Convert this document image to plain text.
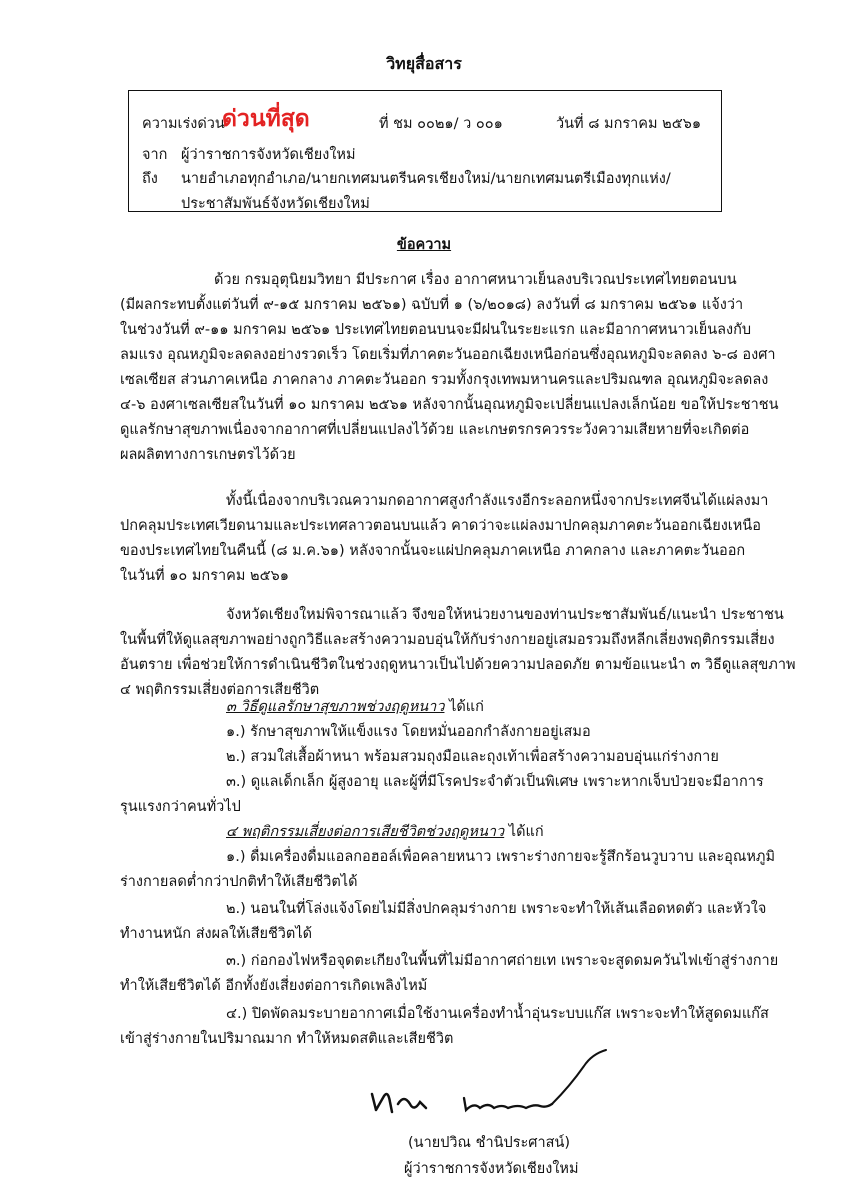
วิทยุสื่อสาร
ความเร่งด่วน
ด่วนที่สุด	ที่ ชม ๐๐๒๑/ ว ๐๐๑	วันที่ ๘ มกราคม ๒๕๖๑
จาก ผู้ว่าราชการจังหวัดเชียงใหม่
ถึง นายอำเภอทุกอำเภอ/นายกเทศมนตรีนครเชียงใหม่/นายกเทศมนตรีเมืองทุกแห่ง/
ประชาสัมพันธ์จังหวัดเชียงใหม่
ข้อความ
ด้วย กรมอุตุนิยมวิทยา มีประกาศ เรื่อง อากาศหนาวเย็นลงบริเวณประเทศไทยตอนบน
(มีผลกระทบตั้งแต่วันที่ ๙-๑๕ มกราคม ๒๕๖๑) ฉบับที่ ๑ (๖/๒๐๑๘) ลงวันที่ ๘ มกราคม ๒๕๖๑ แจ้งว่า
ในช่วงวันที่ ๙-๑๑ มกราคม ๒๕๖๑ ประเทศไทยตอนบนจะมีฝนในระยะแรก และมีอากาศหนาวเย็นลงกับ
ลมแรง อุณหภูมิจะลดลงอย่างรวดเร็ว โดยเริ่มที่ภาคตะวันออกเฉียงเหนือก่อนซึ่งอุณหภูมิจะลดลง ๖-๘ องศา
เซลเซียส ส่วนภาคเหนือ ภาคกลาง ภาคตะวันออก รวมทั้งกรุงเทพมหานครและปริมณฑล อุณหภูมิจะลดลง
๔-๖ องศาเซลเซียสในวันที่ ๑๐ มกราคม ๒๕๖๑ หลังจากนั้นอุณหภูมิจะเปลี่ยนแปลงเล็กน้อย ขอให้ประชาชน
ดูแลรักษาสุขภาพเนื่องจากอากาศที่เปลี่ยนแปลงไว้ด้วย และเกษตรกรควรระวังความเสียหายที่จะเกิดต่อ
ผลผลิตทางการเกษตรไว้ด้วย
ทั้งนี้เนื่องจากบริเวณความกดอากาศสูงกำลังแรงอีกระลอกหนึ่งจากประเทศจีนได้แผ่ลงมา
ปกคลุมประเทศเวียดนามและประเทศลาวตอนบนแล้ว คาดว่าจะแผ่ลงมาปกคลุมภาคตะวันออกเฉียงเหนือ
ของประเทศไทยในคืนนี้ (๘ ม.ค.๖๑) หลังจากนั้นจะแผ่ปกคลุมภาคเหนือ ภาคกลาง และภาคตะวันออก
ในวันที่ ๑๐ มกราคม ๒๕๖๑
จังหวัดเชียงใหม่พิจารณาแล้ว จึงขอให้หน่วยงานของท่านประชาสัมพันธ์/แนะนำ ประชาชน
ในพื้นที่ให้ดูแลสุขภาพอย่างถูกวิธีและสร้างความอบอุ่นให้กับร่างกายอยู่เสมอรวมถึงหลีกเลี่ยงพฤติกรรมเสี่ยง
อันตราย เพื่อช่วยให้การดำเนินชีวิตในช่วงฤดูหนาวเป็นไปด้วยความปลอดภัย ตามข้อแนะนำ ๓ วิธีดูแลสุขภาพ
๔ พฤติกรรมเสี่ยงต่อการเสียชีวิต
๓ วิธีดูแลรักษาสุขภาพช่วงฤดูหนาว ได้แก่
๑.) รักษาสุขภาพให้แข็งแรง โดยหมั่นออกกำลังกายอยู่เสมอ
๒.) สวมใส่เสื้อผ้าหนา พร้อมสวมถุงมือและถุงเท้าเพื่อสร้างความอบอุ่นแก่ร่างกาย
๓.) ดูแลเด็กเล็ก ผู้สูงอายุ และผู้ที่มีโรคประจำตัวเป็นพิเศษ เพราะหากเจ็บป่วยจะมีอาการ
รุนแรงกว่าคนทั่วไป
๔ พฤติกรรมเสี่ยงต่อการเสียชีวิตช่วงฤดูหนาว ได้แก่
๑.) ดื่มเครื่องดื่มแอลกอฮอล์เพื่อคลายหนาว เพราะร่างกายจะรู้สึกร้อนวูบวาบ และอุณหภูมิ
ร่างกายลดต่ำกว่าปกติทำให้เสียชีวิตได้
๒.) นอนในที่โล่งแจ้งโดยไม่มีสิ่งปกคลุมร่างกาย เพราะจะทำให้เส้นเลือดหดตัว และหัวใจ
ทำงานหนัก ส่งผลให้เสียชีวิตได้
๓.) ก่อกองไฟหรือจุดตะเกียงในพื้นที่ไม่มีอากาศถ่ายเท เพราะจะสูดดมควันไฟเข้าสู่ร่างกาย
ทำให้เสียชีวิตได้ อีกทั้งยังเสี่ยงต่อการเกิดเพลิงไหม้
๔.) ปิดพัดลมระบายอากาศเมื่อใช้งานเครื่องทำน้ำอุ่นระบบแก๊ส เพราะจะทำให้สูดดมแก๊ส
เข้าสู่ร่างกายในปริมาณมาก ทำให้หมดสติและเสียชีวิต
(นายปวิณ ชำนิประศาสน์)
ผู้ว่าราชการจังหวัดเชียงใหม่
